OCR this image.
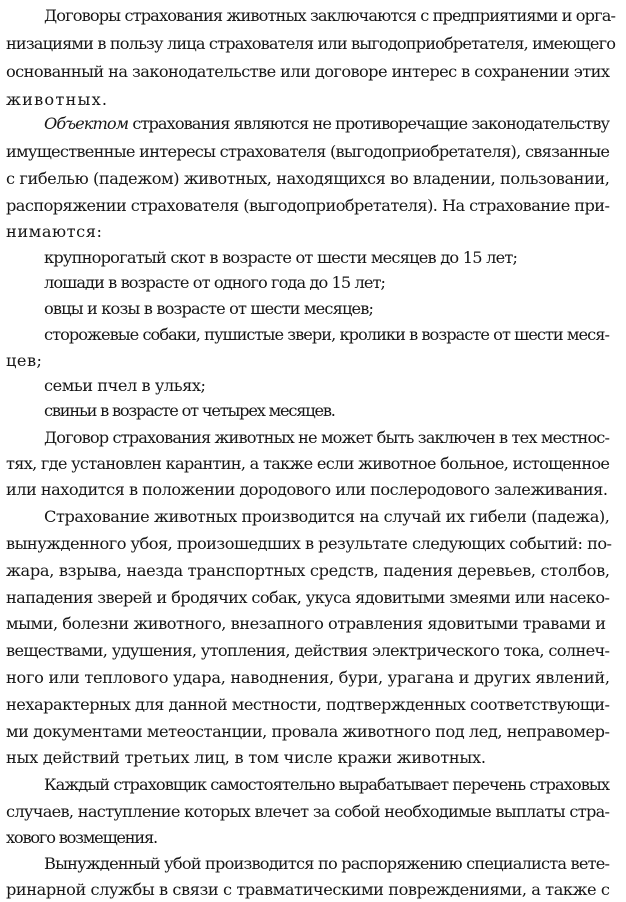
Договоры страхования животных заключаются с предприятиями и орга-
низациями в пользу лица страхователя или выгодоприобретателя, имеющего
основанный на законодательстве или договоре интерес в сохранении этих
животных.
Объектом страхования являются не противоречащие законодательству
имущественные интересы страхователя (выгодоприобретателя), связанные
с гибелью (падежом) животных, находящихся во владении, пользовании,
распоряжении страхователя (выгодоприобретателя). На страхование при-
нимаются:
крупнорогатый скот в возрасте от шести месяцев до 15 лет;
лошади в возрасте от одного года до 15 лет;
овцы и козы в возрасте от шести месяцев;
сторожевые собаки, пушистые звери, кролики в возрасте от шести меся-
цев;
семьи пчел в ульях;
свиньи в возрасте от четырех месяцев.
Договор страхования животных не может быть заключен в тех местнос-
тях, где установлен карантин, а также если животное больное, истощенное
или находится в положении дородового или послеродового залеживания.
Страхование животных производится на случай их гибели (падежа),
вынужденного убоя, произошедших в результате следующих событий: по-
жара, взрыва, наезда транспортных средств, падения деревьев, столбов,
нападения зверей и бродячих собак, укуса ядовитыми змеями или насеко-
мыми, болезни животного, внезапного отравления ядовитыми травами и
веществами, удушения, утопления, действия электрического тока, солнеч-
ного или теплового удара, наводнения, бури, урагана и других явлений,
нехарактерных для данной местности, подтвержденных соответствующи-
ми документами метеостанции, провала животного под лед, неправомер-
ных действий третьих лиц, в том числе кражи животных.
Каждый страховщик самостоятельно вырабатывает перечень страховых
случаев, наступление которых влечет за собой необходимые выплаты стра-
хового возмещения.
Вынужденный убой производится по распоряжению специалиста вете-
ринарной службы в связи с травматическими повреждениями, а также с
